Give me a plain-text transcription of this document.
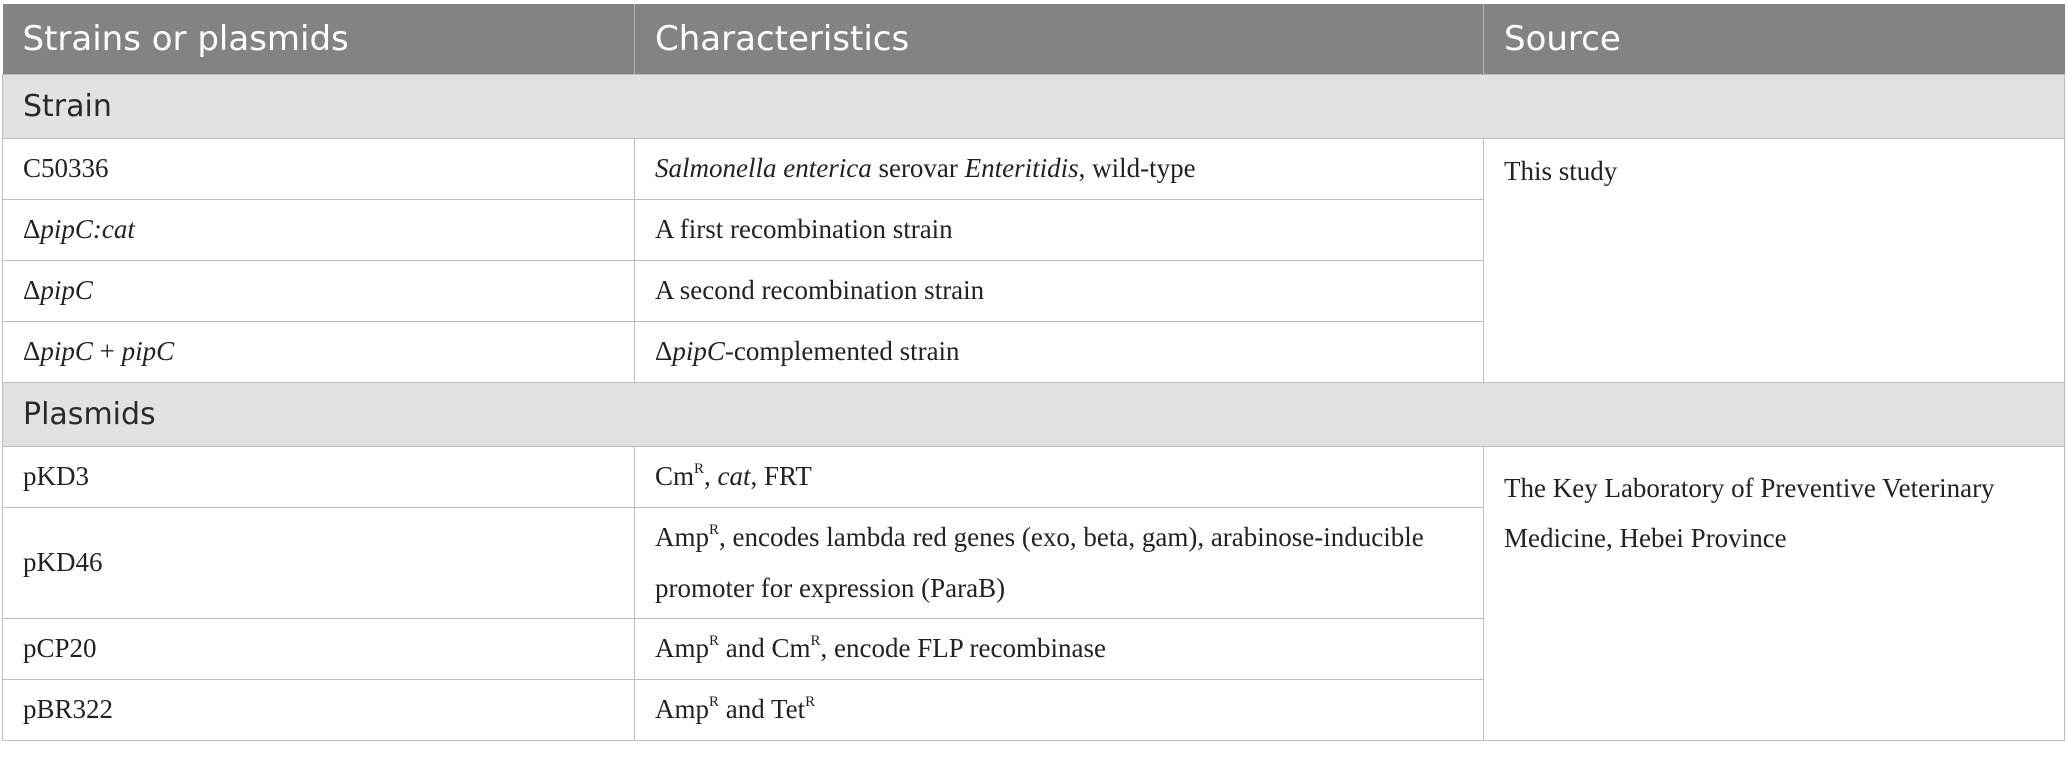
Strains or plasmids	Characteristics	Source
Strain		
C50336	Salmonella enterica serovar Enteritidis, wild-type	This study
ΔpipC:cat	A first recombination strain	
ΔpipC	A second recombination strain	
ΔpipC + pipC	ΔpipC-complemented strain	
Plasmids		
pKD3	$Cm^R$, cat, FRT	The Key Laboratory of Preventive Veterinary Medicine, Hebei Province
pKD46	Amp$^R$, encodes lambda red genes (exo, beta, gam), arabinose-inducible promoter for expression (ParaB)	
pCP20	Amp$^R$ and $Cm^R$, encode FLP recombinase	
pBR322	Amp$^R$ and Tet$^R$
